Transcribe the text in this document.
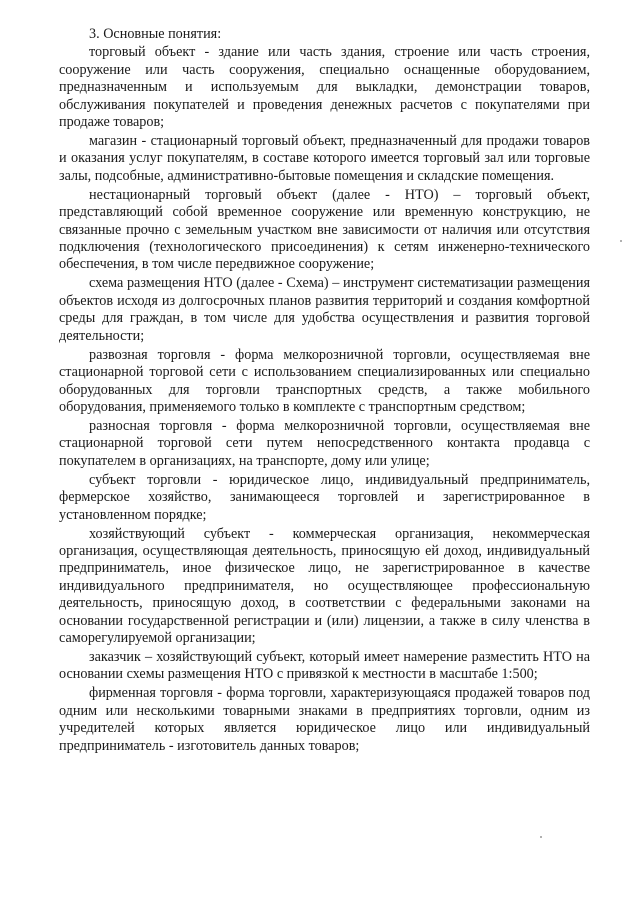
3. Основные понятия:

торговый объект - здание или часть здания, строение или часть строения, сооружение или часть сооружения, специально оснащенные оборудованием, предназначенным и используемым для выкладки, демонстрации товаров, обслуживания покупателей и проведения денежных расчетов с покупателями при продаже товаров;

магазин - стационарный торговый объект, предназначенный для продажи товаров и оказания услуг покупателям, в составе которого имеется торговый зал или торговые залы, подсобные, административно-бытовые помещения и складские помещения.

нестационарный торговый объект (далее - НТО) – торговый объект, представляющий собой временное сооружение или временную конструкцию, не связанные прочно с земельным участком вне зависимости от наличия или отсутствия подключения (технологического присоединения) к сетям инженерно-технического обеспечения, в том числе передвижное сооружение;

схема размещения НТО (далее - Схема) – инструмент систематизации размещения объектов исходя из долгосрочных планов развития территорий и создания комфортной среды для граждан, в том числе для удобства осуществления и развития торговой деятельности;

развозная торговля - форма мелкорозничной торговли, осуществляемая вне стационарной торговой сети с использованием специализированных или специально оборудованных для торговли транспортных средств, а также мобильного оборудования, применяемого только в комплекте с транспортным средством;

разносная торговля - форма мелкорозничной торговли, осуществляемая вне стационарной торговой сети путем непосредственного контакта продавца с покупателем в организациях, на транспорте, дому или улице;

субъект торговли - юридическое лицо, индивидуальный предприниматель, фермерское хозяйство, занимающееся торговлей и зарегистрированное в установленном порядке;

хозяйствующий субъект - коммерческая организация, некоммерческая организация, осуществляющая деятельность, приносящую ей доход, индивидуальный предприниматель, иное физическое лицо, не зарегистрированное в качестве индивидуального предпринимателя, но осуществляющее профессиональную деятельность, приносящую доход, в соответствии с федеральными законами на основании государственной регистрации и (или) лицензии, а также в силу членства в саморегулируемой организации;

заказчик – хозяйствующий субъект, который имеет намерение разместить НТО на основании схемы размещения НТО с привязкой к местности в масштабе 1:500;

фирменная торговля - форма торговли, характеризующаяся продажей товаров под одним или несколькими товарными знаками в предприятиях торговли, одним из учредителей которых является юридическое лицо или индивидуальный предприниматель - изготовитель данных товаров;
